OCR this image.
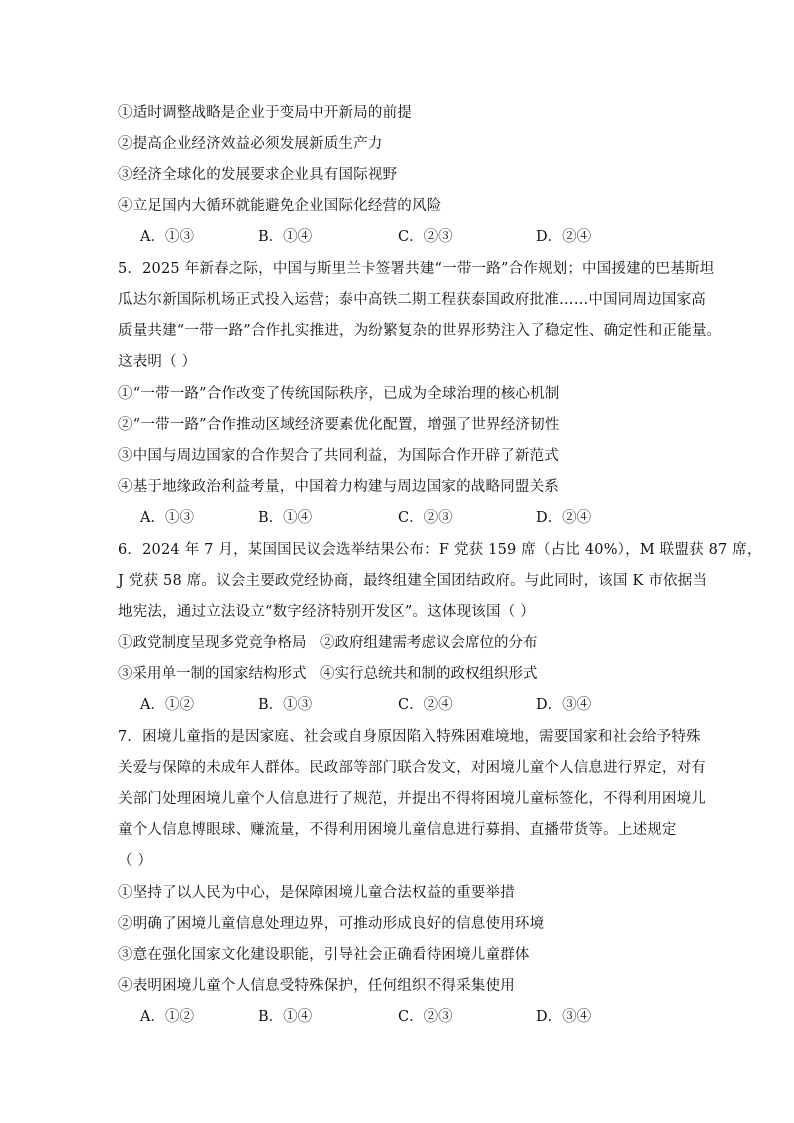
①适时调整战略是企业于变局中开新局的前提
②提高企业经济效益必须发展新质生产力
③经济全球化的发展要求企业具有国际视野
④立足国内大循环就能避免企业国际化经营的风险
A．①③	B．①④	C．②③	D．②④
5．2025 年新春之际，中国与斯里兰卡签署共建“一带一路”合作规划；中国援建的巴基斯坦
瓜达尔新国际机场正式投入运营；泰中高铁二期工程获泰国政府批准……中国同周边国家高
质量共建“一带一路”合作扎实推进，为纷繁复杂的世界形势注入了稳定性、确定性和正能量。
这表明（ ）
①“一带一路”合作改变了传统国际秩序，已成为全球治理的核心机制
②“一带一路”合作推动区域经济要素优化配置，增强了世界经济韧性
③中国与周边国家的合作契合了共同利益，为国际合作开辟了新范式
④基于地缘政治利益考量，中国着力构建与周边国家的战略同盟关系
A．①③	B．①④	C．②③	D．②④
6．2024 年 7 月，某国国民议会选举结果公布：F 党获 159 席（占比 40%），M 联盟获 87 席，
J 党获 58 席。议会主要政党经协商，最终组建全国团结政府。与此同时，该国 K 市依据当
地宪法，通过立法设立“数字经济特别开发区”。这体现该国（ ）
①政党制度呈现多党竞争格局 ②政府组建需考虑议会席位的分布
③采用单一制的国家结构形式 ④实行总统共和制的政权组织形式
A．①②	B．①③	C．②④	D．③④
7．困境儿童指的是因家庭、社会或自身原因陷入特殊困难境地，需要国家和社会给予特殊
关爱与保障的未成年人群体。民政部等部门联合发文，对困境儿童个人信息进行界定，对有
关部门处理困境儿童个人信息进行了规范，并提出不得将困境儿童标签化，不得利用困境儿
童个人信息博眼球、赚流量，不得利用困境儿童信息进行募捐、直播带货等。上述规定
（ ）
①坚持了以人民为中心，是保障困境儿童合法权益的重要举措
②明确了困境儿童信息处理边界，可推动形成良好的信息使用环境
③意在强化国家文化建设职能，引导社会正确看待困境儿童群体
④表明困境儿童个人信息受特殊保护，任何组织不得采集使用
A．①②	B．①④	C．②③	D．③④
